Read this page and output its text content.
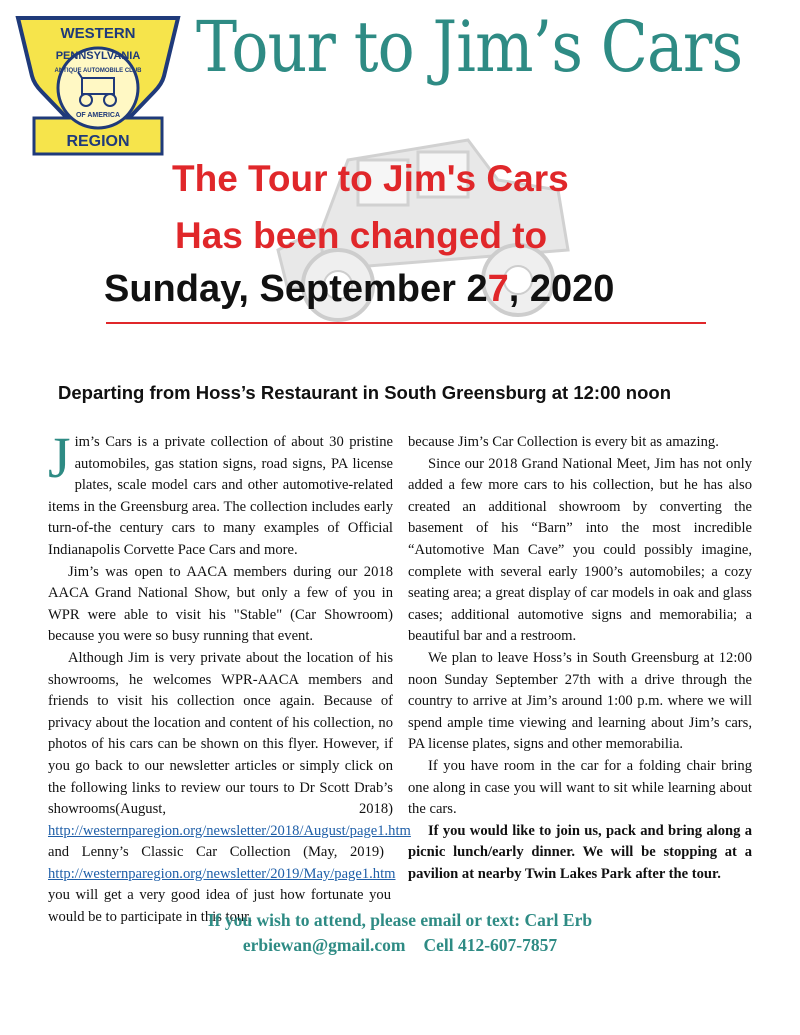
WESTERN
PENNSYLVANIA
ANTIQUE AUTOMOBILE CLUB
OF AMERICA
REGION
Tour to Jim’s Cars
The Tour to Jim's Cars
Has been changed to

Sunday, September 27, 2020

Departing from Hoss’s Restaurant in South Greensburg at 12:00 noon

Jim’s Cars is a private collection of about 30 pristine automobiles, gas station signs, road signs, PA license plates, scale model cars and other automotive-related items in the Greensburg area. The collection includes early turn-of-the century cars to many examples of Official Indianapolis Corvette Pace Cars and more.

Jim’s was open to AACA members during our 2018 AACA Grand National Show, but only a few of you in WPR were able to visit his "Stable" (Car Showroom) because you were so busy running that event.

Although Jim is very private about the location of his showrooms, he welcomes WPR-AACA members and friends to visit his collection once again. Because of privacy about the location and content of his collection, no photos of his cars can be shown on this flyer. However, if you go back to our newsletter articles or simply click on the following links to review our tours to Dr Scott Drab’s showrooms(August, 2018) http://westernparegion.org/newsletter/2018/August/page1.htm and Lenny’s Classic Car Collection (May, 2019) http://westernparegion.org/newsletter/2019/May/page1.htm you will get a very good idea of just how fortunate you would be to participate in this tour,

because Jim’s Car Collection is every bit as amazing.

Since our 2018 Grand National Meet, Jim has not only added a few more cars to his collection, but he has also created an additional showroom by converting the basement of his “Barn” into the most incredible “Automotive Man Cave” you could possibly imagine, complete with several early 1900’s automobiles; a cozy seating area; a great display of car models in oak and glass cases; additional automotive signs and memorabilia; a beautiful bar and a restroom.

We plan to leave Hoss’s in South Greensburg at 12:00 noon Sunday September 27th with a drive through the country to arrive at Jim’s around 1:00 p.m. where we will spend ample time viewing and learning about Jim’s cars, PA license plates, signs and other memorabilia.

If you have room in the car for a folding chair bring one along in case you will want to sit while learning about the cars.

If you would like to join us, pack and bring along a picnic lunch/early dinner. We will be stopping at a pavilion at nearby Twin Lakes Park after the tour.

If you wish to attend, please email or text: Carl Erb
erbiewan@gmail.com Cell 412-607-7857
